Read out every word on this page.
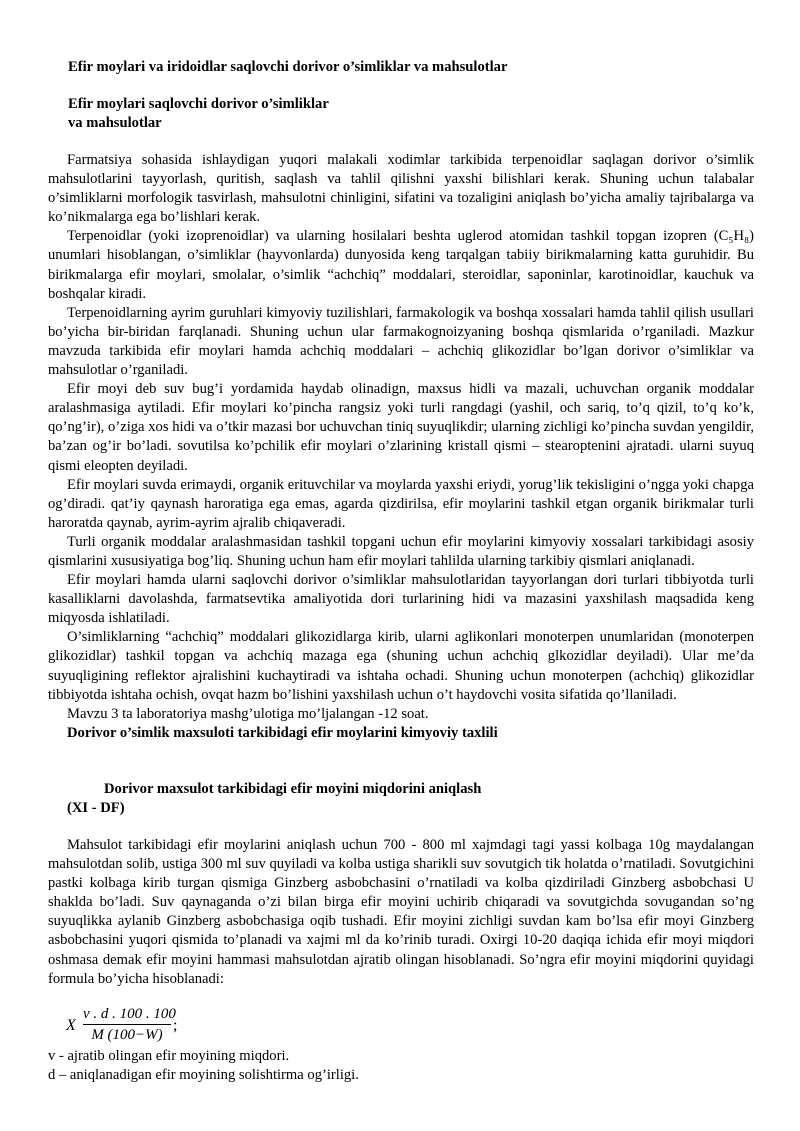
Efir moylari va iridoidlar saqlovchi dorivor o’simliklar va mahsulotlar
Efir moylari saqlovchi dorivor o’simliklar
va mahsulotlar

Farmatsiya sohasida ishlaydigan yuqori malakali xodimlar tarkibida terpenoidlar saqlagan dorivor o’simlik mahsulotlarini tayyorlash, quritish, saqlash va tahlil qilishni yaxshi bilishlari kerak. Shuning uchun talabalar o’simliklarni morfologik tasvirlash, mahsulotni chinligini, sifatini va tozaligini aniqlash bo’yicha amaliy tajribalarga va ko’nikmalarga ega bo’lishlari kerak.

Terpenoidlar (yoki izoprenoidlar) va ularning hosilalari beshta uglerod atomidan tashkil topgan izopren (C₅H₈) unumlari hisoblangan, o’simliklar (hayvonlarda) dunyosida keng tarqalgan tabiiy birikmalarning katta guruhidir. Bu birikmalarga efir moylari, smolalar, o’simlik “achchiq” moddalari, steroidlar, saponinlar, karotinoidlar, kauchuk va boshqalar kiradi.

Terpenoidlarning ayrim guruhlari kimyoviy tuzilishlari, farmakologik va boshqa xossalari hamda tahlil qilish usullari bo’yicha bir-biridan farqlanadi. Shuning uchun ular farmakognoizyaning boshqa qismlarida o’rganiladi. Mazkur mavzuda tarkibida efir moylari hamda achchiq moddalari – achchiq glikozidlar bo’lgan dorivor o’simliklar va mahsulotlar o’rganiladi.

Efir moyi deb suv bug’i yordamida haydab olinadign, maxsus hidli va mazali, uchuvchan organik moddalar aralashmasiga aytiladi. Efir moylari ko’pincha rangsiz yoki turli rangdagi (yashil, och sariq, to’q qizil, to’q ko’k, qo’ng’ir), o’ziga xos hidi va o’tkir mazasi bor uchuvchan tiniq suyuqlikdir; ularning zichligi ko’pincha suvdan yengildir, ba’zan og’ir bo’ladi. sovutilsa ko’pchilik efir moylari o’zlarining kristall qismi – stearoptenini ajratadi. ularni suyuq qismi eleopten deyiladi.

Efir moylari suvda erimaydi, organik erituvchilar va moylarda yaxshi eriydi, yorug’lik tekisligini o’ngga yoki chapga og’diradi. qat’iy qaynash haroratiga ega emas, agarda qizdirilsa, efir moylarini tashkil etgan organik birikmalar turli haroratda qaynab, ayrim-ayrim ajralib chiqaveradi.

Turli organik moddalar aralashmasidan tashkil topgani uchun efir moylarini kimyoviy xossalari tarkibidagi asosiy qismlarini xususiyatiga bog’liq. Shuning uchun ham efir moylari tahlilda ularning tarkibiy qismlari aniqlanadi.

Efir moylari hamda ularni saqlovchi dorivor o’simliklar mahsulotlaridan tayyorlangan dori turlari tibbiyotda turli kasalliklarni davolashda, farmatsevtika amaliyotida dori turlarining hidi va mazasini yaxshilash maqsadida keng miqyosda ishlatiladi.

O’simliklarning “achchiq” moddalari glikozidlarga kirib, ularni aglikonlari monoterpen unumlaridan (monoterpen glikozidlar) tashkil topgan va achchiq mazaga ega (shuning uchun achchiq glkozidlar deyiladi). Ular me’da suyuqligining reflektor ajralishini kuchaytiradi va ishtaha ochadi. Shuning uchun monoterpen (achchiq) glikozidlar tibbiyotda ishtaha ochish, ovqat hazm bo’lishini yaxshilash uchun o’t haydovchi vosita sifatida qo’llaniladi.

Mavzu 3 ta laboratoriya mashg’ulotiga mo’ljalangan -12 soat.

Dorivor o’simlik maxsuloti tarkibidagi efir moylarini kimyoviy taxlili

Dorivor maxsulot tarkibidagi efir moyini miqdorini aniqlash
(XI - DF)

Mahsulot tarkibidagi efir moylarini aniqlash uchun 700 - 800 ml xajmdagi tagi yassi kolbaga 10g maydalangan mahsulotdan solib, ustiga 300 ml suv quyiladi va kolba ustiga sharikli suv sovutgich tik holatda o’rnatiladi. Sovutgichini pastki kolbaga kirib turgan qismiga Ginzberg asbobchasini o’rnatiladi va kolba qizdiriladi Ginzberg asbobchasi U shaklda bo’ladi. Suv qaynaganda o’zi bilan birga efir moyini uchirib chiqaradi va sovutgichda sovugandan so’ng suyuqlikka aylanib Ginzberg asbobchasiga oqib tushadi. Efir moyini zichligi suvdan kam bo’lsa efir moyi Ginzberg asbobchasini yuqori qismida to’planadi va xajmi ml da ko’rinib turadi. Oxirgi 10-20 daqiqa ichida efir moyi miqdori oshmasa demak efir moyini hammasi mahsulotdan ajratib olingan hisoblanadi. So’ngra efir moyini miqdorini quyidagi formula bo’yicha hisoblanadi:

X
v . d . 100 . 100
M (100−W)
;

v - ajratib olingan efir moyining miqdori.

d – aniqlanadigan efir moyining solishtirma og’irligi.
